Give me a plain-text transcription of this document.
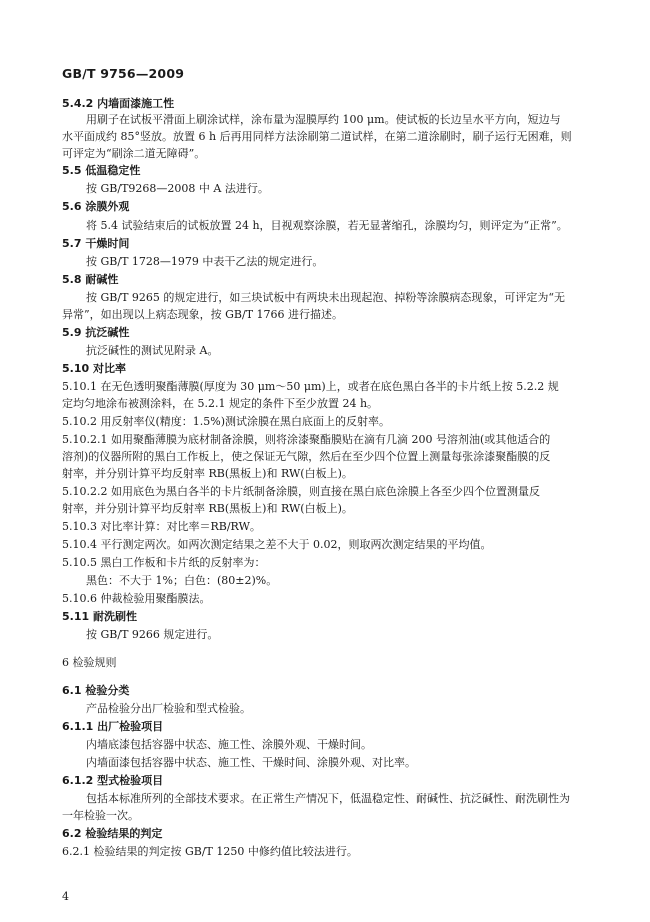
GB/T 9756—2009
5.4.2 内墙面漆施工性
用刷子在试板平滑面上刷涂试样，涂布量为湿膜厚约 100 μm。使试板的长边呈水平方向，短边与
水平面成约 85°竖放。放置 6 h 后再用同样方法涂刷第二道试样，在第二道涂刷时，刷子运行无困难，则
可评定为“刷涂二道无障碍”。
5.5 低温稳定性
按 GB/T9268—2008 中 A 法进行。
5.6 涂膜外观
将 5.4 试验结束后的试板放置 24 h，目视观察涂膜，若无显著缩孔，涂膜均匀，则评定为“正常”。
5.7 干燥时间
按 GB/T 1728—1979 中表干乙法的规定进行。
5.8 耐碱性
按 GB/T 9265 的规定进行，如三块试板中有两块未出现起泡、掉粉等涂膜病态现象，可评定为“无
异常”，如出现以上病态现象，按 GB/T 1766 进行描述。
5.9 抗泛碱性
抗泛碱性的测试见附录 A。
5.10 对比率
5.10.1 在无色透明聚酯薄膜(厚度为 30 μm～50 μm)上，或者在底色黑白各半的卡片纸上按 5.2.2 规
定均匀地涂布被测涂料，在 5.2.1 规定的条件下至少放置 24 h。
5.10.2 用反射率仪(精度：1.5%)测试涂膜在黑白底面上的反射率。
5.10.2.1 如用聚酯薄膜为底材制备涂膜，则将涂漆聚酯膜贴在滴有几滴 200 号溶剂油(或其他适合的
溶剂)的仪器所附的黑白工作板上，使之保证无气隙，然后在至少四个位置上测量每张涂漆聚酯膜的反
射率，并分别计算平均反射率 RB(黑板上)和 RW(白板上)。
5.10.2.2 如用底色为黑白各半的卡片纸制备涂膜，则直接在黑白底色涂膜上各至少四个位置测量反
射率，并分别计算平均反射率 RB(黑板上)和 RW(白板上)。
5.10.3 对比率计算：对比率＝RB/RW。
5.10.4 平行测定两次。如两次测定结果之差不大于 0.02，则取两次测定结果的平均值。
5.10.5 黑白工作板和卡片纸的反射率为：
黑色：不大于 1%；白色：(80±2)%。
5.10.6 仲裁检验用聚酯膜法。
5.11 耐洗刷性
按 GB/T 9266 规定进行。
6 检验规则
6.1 检验分类
产品检验分出厂检验和型式检验。
6.1.1 出厂检验项目
内墙底漆包括容器中状态、施工性、涂膜外观、干燥时间。
内墙面漆包括容器中状态、施工性、干燥时间、涂膜外观、对比率。
6.1.2 型式检验项目
包括本标准所列的全部技术要求。在正常生产情况下，低温稳定性、耐碱性、抗泛碱性、耐洗刷性为
一年检验一次。
6.2 检验结果的判定
6.2.1 检验结果的判定按 GB/T 1250 中修约值比较法进行。
4
